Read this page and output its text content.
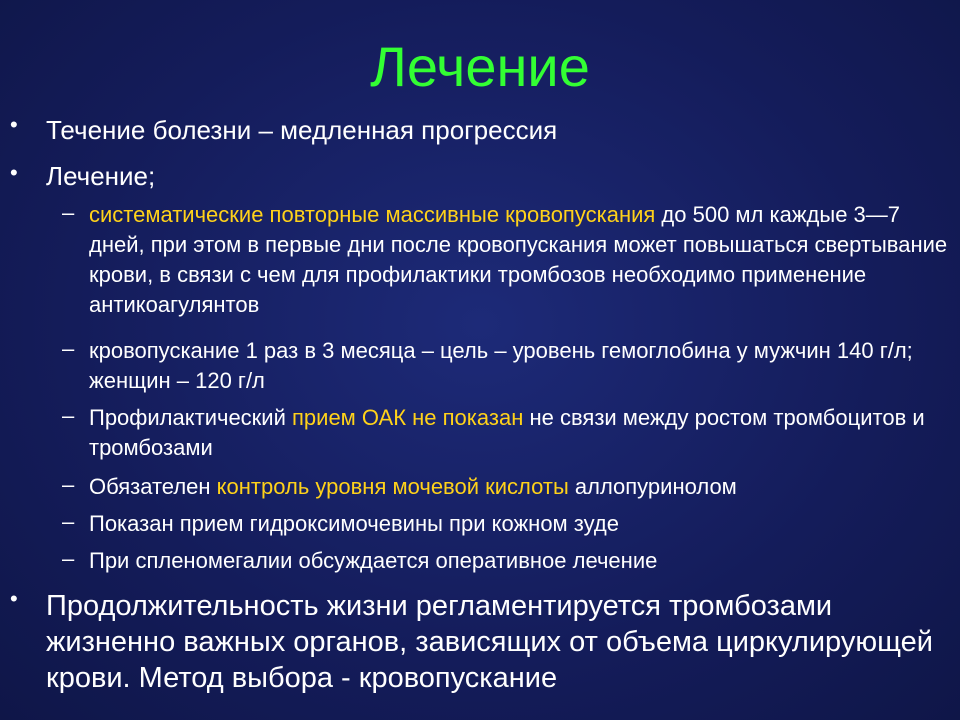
Лечение
• Течение болезни – медленная прогрессия
• Лечение;
– систематические повторные массивные кровопускания до 500 мл каждые 3—7 дней, при этом в первые дни после кровопускания может повышаться свертывание крови, в связи с чем для профилактики тромбозов необходимо применение антикоагулянтов
– кровопускание 1 раз в 3 месяца – цель – уровень гемоглобина у мужчин 140 г/л; женщин – 120 г/л
– Профилактический прием ОАК не показан не связи между ростом тромбоцитов и тромбозами
– Обязателен контроль уровня мочевой кислоты аллопуринолом
– Показан прием гидроксимочевины при кожном зуде
– При спленомегалии обсуждается оперативное лечение
• Продолжительность жизни регламентируется тромбозами жизненно важных органов, зависящих от объема циркулирующей крови. Метод выбора - кровопускание
